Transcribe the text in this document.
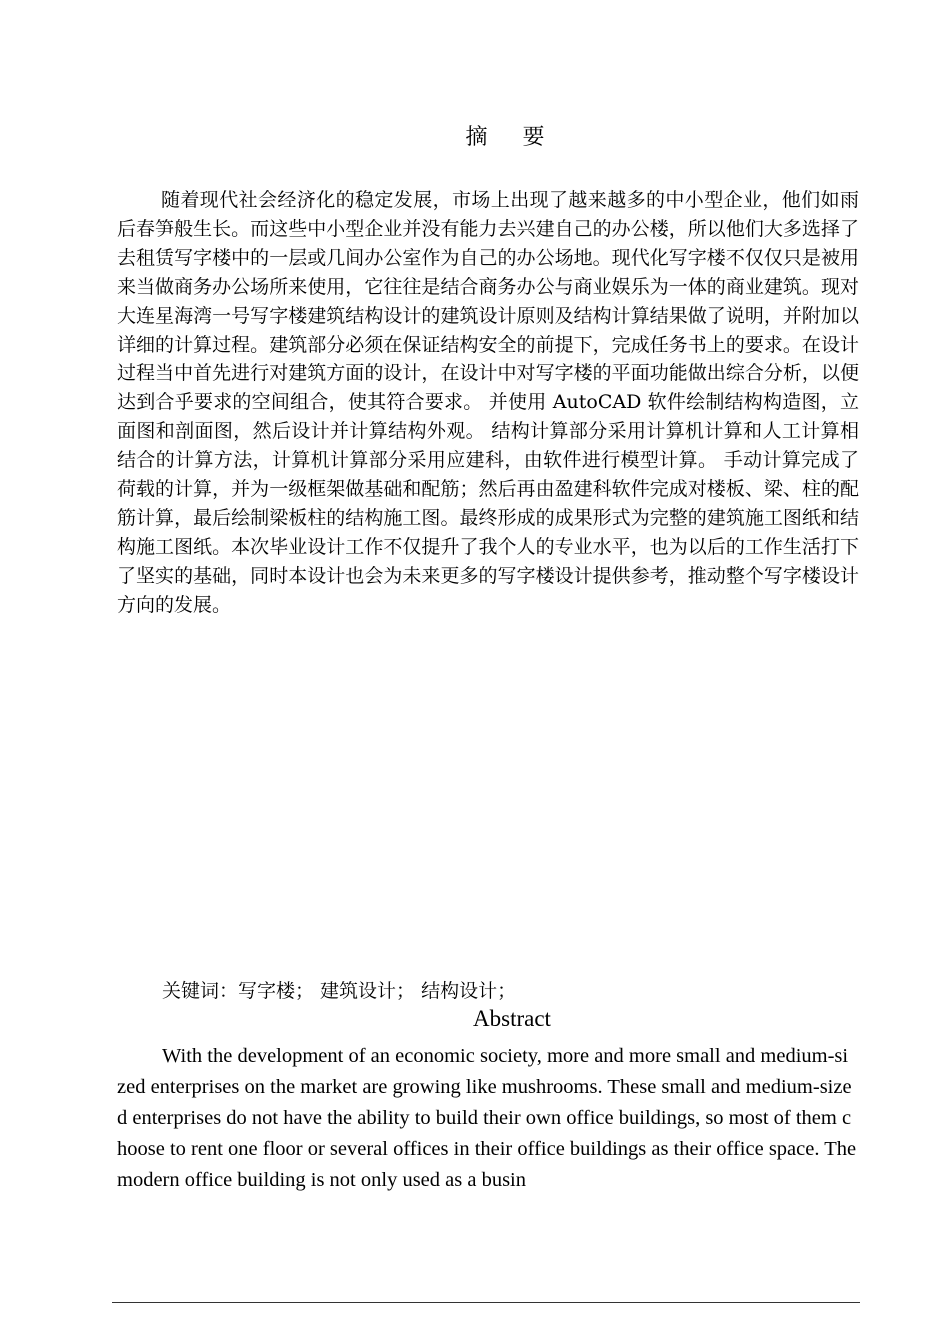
摘 要

随着现代社会经济化的稳定发展，市场上出现了越来越多的中小型企业，他们如雨后春笋般生长。而这些中小型企业并没有能力去兴建自己的办公楼，所以他们大多选择了去租赁写字楼中的一层或几间办公室作为自己的办公场地。现代化写字楼不仅仅只是被用来当做商务办公场所来使用，它往往是结合商务办公与商业娱乐为一体的商业建筑。现对大连星海湾一号写字楼建筑结构设计的建筑设计原则及结构计算结果做了说明，并附加以详细的计算过程。建筑部分必须在保证结构安全的前提下，完成任务书上的要求。在设计过程当中首先进行对建筑方面的设计，在设计中对写字楼的平面功能做出综合分析，以便达到合乎要求的空间组合，使其符合要求。 并使用 AutoCAD 软件绘制结构构造图，立面图和剖面图，然后设计并计算结构外观。 结构计算部分采用计算机计算和人工计算相结合的计算方法，计算机计算部分采用应建科，由软件进行模型计算。 手动计算完成了荷载的计算，并为一级框架做基础和配筋；然后再由盈建科软件完成对楼板、梁、柱的配筋计算，最后绘制梁板柱的结构施工图。最终形成的成果形式为完整的建筑施工图纸和结构施工图纸。本次毕业设计工作不仅提升了我个人的专业水平，也为以后的工作生活打下了坚实的基础，同时本设计也会为未来更多的写字楼设计提供参考，推动整个写字楼设计方向的发展。

关键词：写字楼； 建筑设计； 结构设计；
Abstract

With the development of an economic society, more and more small and medium-sized enterprises on the market are growing like mushrooms. These small and medium-sized enterprises do not have the ability to build their own office buildings, so most of them choose to rent one floor or several offices in their office buildings as their office space. The modern office building is not only used as a busin
